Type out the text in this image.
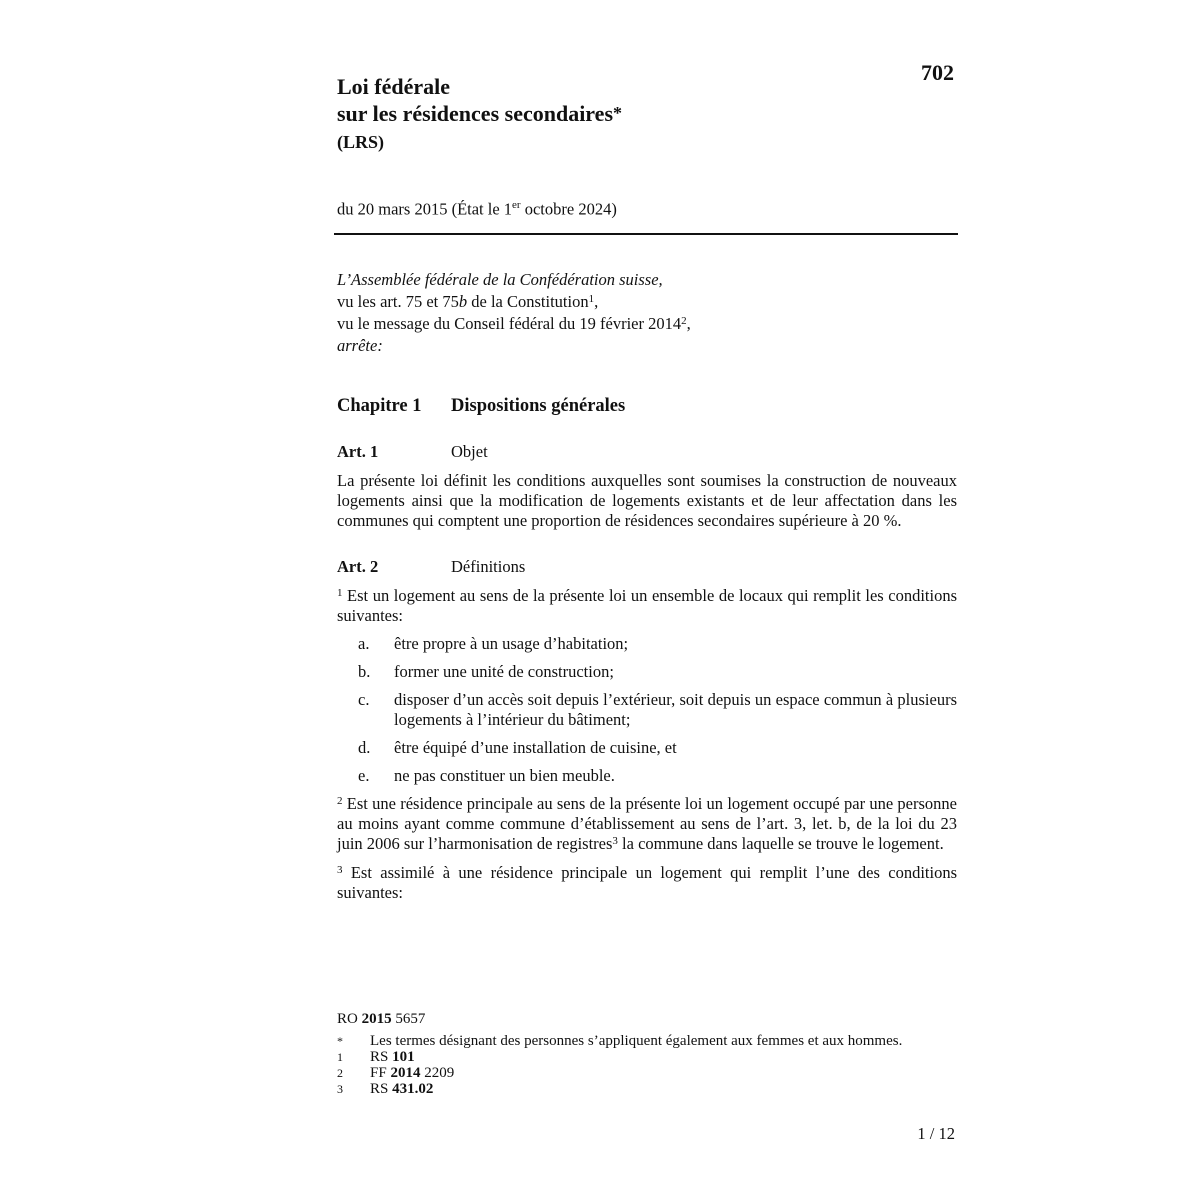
702
Loi fédérale
sur les résidences secondaires*
(LRS)
du 20 mars 2015 (État le 1er octobre 2024)
L’Assemblée fédérale de la Confédération suisse,
vu les art. 75 et 75b de la Constitution$^1$,
vu le message du Conseil fédéral du 19 février 2014$^2$,
arrête:
Chapitre 1 Dispositions générales
Art. 1	Objet
La présente loi définit les conditions auxquelles sont soumises la construction de nouveaux logements ainsi que la modification de logements existants et de leur affectation dans les communes qui comptent une proportion de résidences secondaires supérieure à 20 %.
Art. 2	Définitions
$^1$ Est un logement au sens de la présente loi un ensemble de locaux qui remplit les conditions suivantes:
a.	être propre à un usage d’habitation;
b.	former une unité de construction;
c.	disposer d’un accès soit depuis l’extérieur, soit depuis un espace commun à plusieurs logements à l’intérieur du bâtiment;
d.	être équipé d’une installation de cuisine, et
e.	ne pas constituer un bien meuble.
$^2$ Est une résidence principale au sens de la présente loi un logement occupé par une personne au moins ayant comme commune d’établissement au sens de l’art. 3, let. b, de la loi du 23 juin 2006 sur l’harmonisation de registres$^3$ la commune dans laquelle se trouve le logement.
$^3$ Est assimilé à une résidence principale un logement qui remplit l’une des conditions suivantes:
RO 2015 5657
*	Les termes désignant des personnes s’appliquent également aux femmes et aux hommes.
1	RS 101
2	FF 2014 2209
3	RS 431.02
1 / 12
